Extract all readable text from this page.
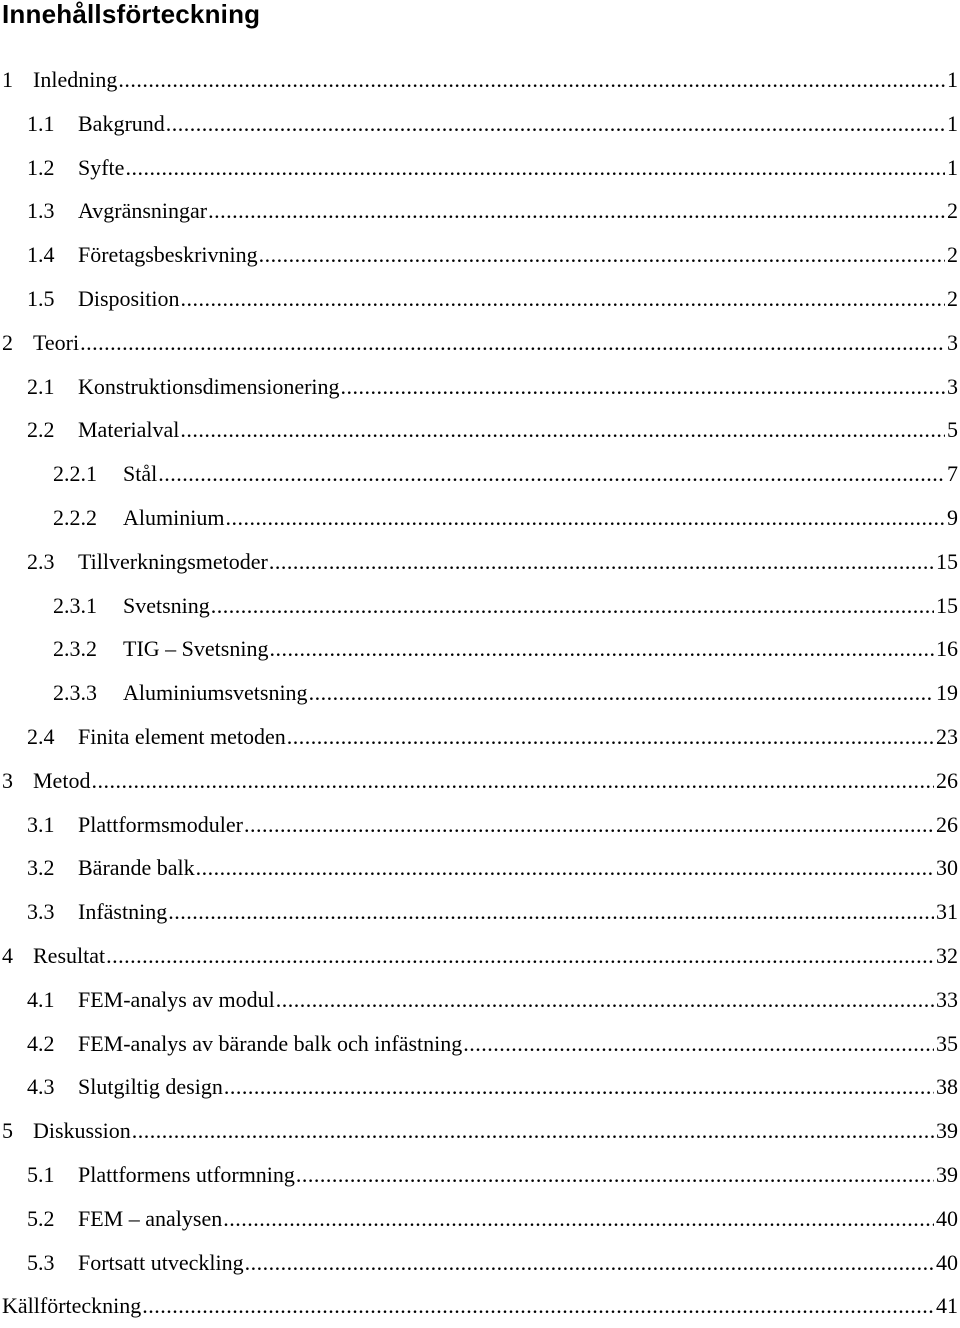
Innehållsförteckning
1 Inledning .....	1
1.1	Bakgrund .....	1
1.2	Syfte .....	1
1.3	Avgränsningar .....	2
1.4	Företagsbeskrivning .....	2
1.5	Disposition .....	2
2 Teori .....	3
2.1	Konstruktionsdimensionering .....	3
2.2	Materialval .....	5
2.2.1	Stål .....	7
2.2.2	Aluminium .....	9
2.3	Tillverkningsmetoder .....	15
2.3.1	Svetsning .....	15
2.3.2	TIG – Svetsning .....	16
2.3.3	Aluminiumsvetsning .....	19
2.4	Finita element metoden .....	23
3 Metod .....	26
3.1	Plattformsmoduler .....	26
3.2	Bärande balk .....	30
3.3	Infästning .....	31
4 Resultat .....	32
4.1	FEM-analys av modul .....	33
4.2	FEM-analys av bärande balk och infästning .....	35
4.3	Slutgiltig design .....	38
5 Diskussion .....	39
5.1	Plattformens utformning .....	39
5.2	FEM – analysen .....	40
5.3	Fortsatt utveckling .....	40
Källförteckning .....	41
